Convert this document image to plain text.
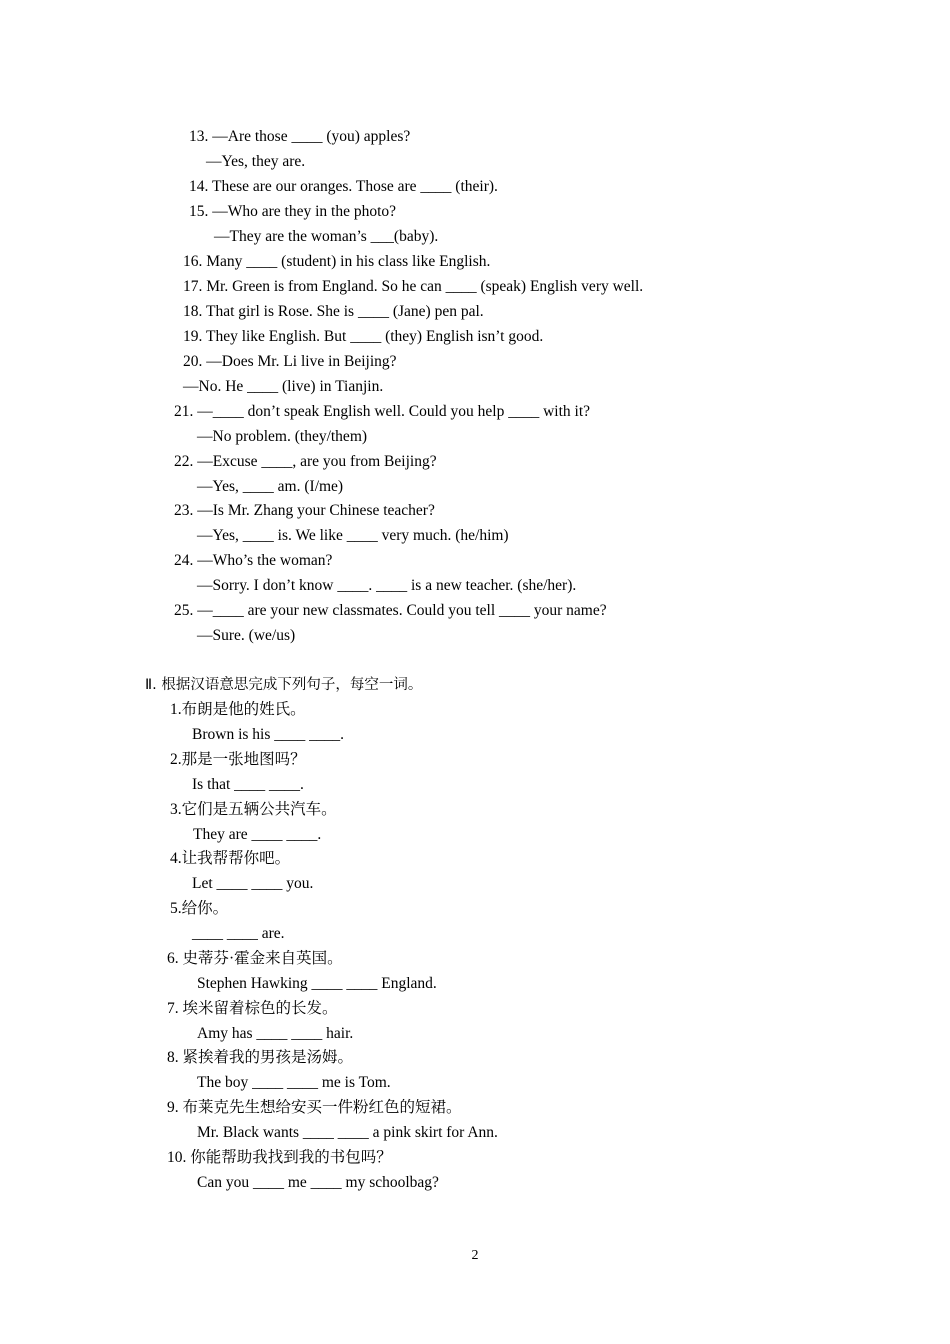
13. —Are those ____ (you) apples?
—Yes, they are.
14. These are our oranges. Those are ____ (their).
15. —Who are they in the photo?
—They are the woman’s ___(baby).
16. Many ____ (student) in his class like English.
17. Mr. Green is from England. So he can ____ (speak) English very well.
18. That girl is Rose. She is ____ (Jane) pen pal.
19. They like English. But ____ (they) English isn’t good.
20. —Does Mr. Li live in Beijing?
—No. He ____ (live) in Tianjin.
21. —____ don’t speak English well. Could you help ____ with it?
—No problem. (they/them)
22. —Excuse ____, are you from Beijing?
—Yes, ____ am. (I/me)
23. —Is Mr. Zhang your Chinese teacher?
—Yes, ____ is. We like ____ very much. (he/him)
24. —Who’s the woman?
—Sorry. I don’t know ____. ____ is a new teacher. (she/her).
25. —____ are your new classmates. Could you tell ____ your name?
—Sure. (we/us)
Ⅱ. 根据汉语意思完成下列句子，每空一词。
1.布朗是他的姓氏。
Brown is his ____ ____.
2.那是一张地图吗？
Is that ____ ____.
3.它们是五辆公共汽车。
They are ____ ____.
4.让我帮帮你吧。
Let ____ ____ you.
5.给你。
____ ____ are.
6. 史蒂芬·霍金来自英国。
Stephen Hawking ____ ____ England.
7. 埃米留着棕色的长发。
Amy has ____ ____ hair.
8. 紧挨着我的男孩是汤姆。
The boy ____ ____ me is Tom.
9. 布莱克先生想给安买一件粉红色的短裙。
Mr. Black wants ____ ____ a pink skirt for Ann.
10. 你能帮助我找到我的书包吗？
Can you ____ me ____ my schoolbag?
2
